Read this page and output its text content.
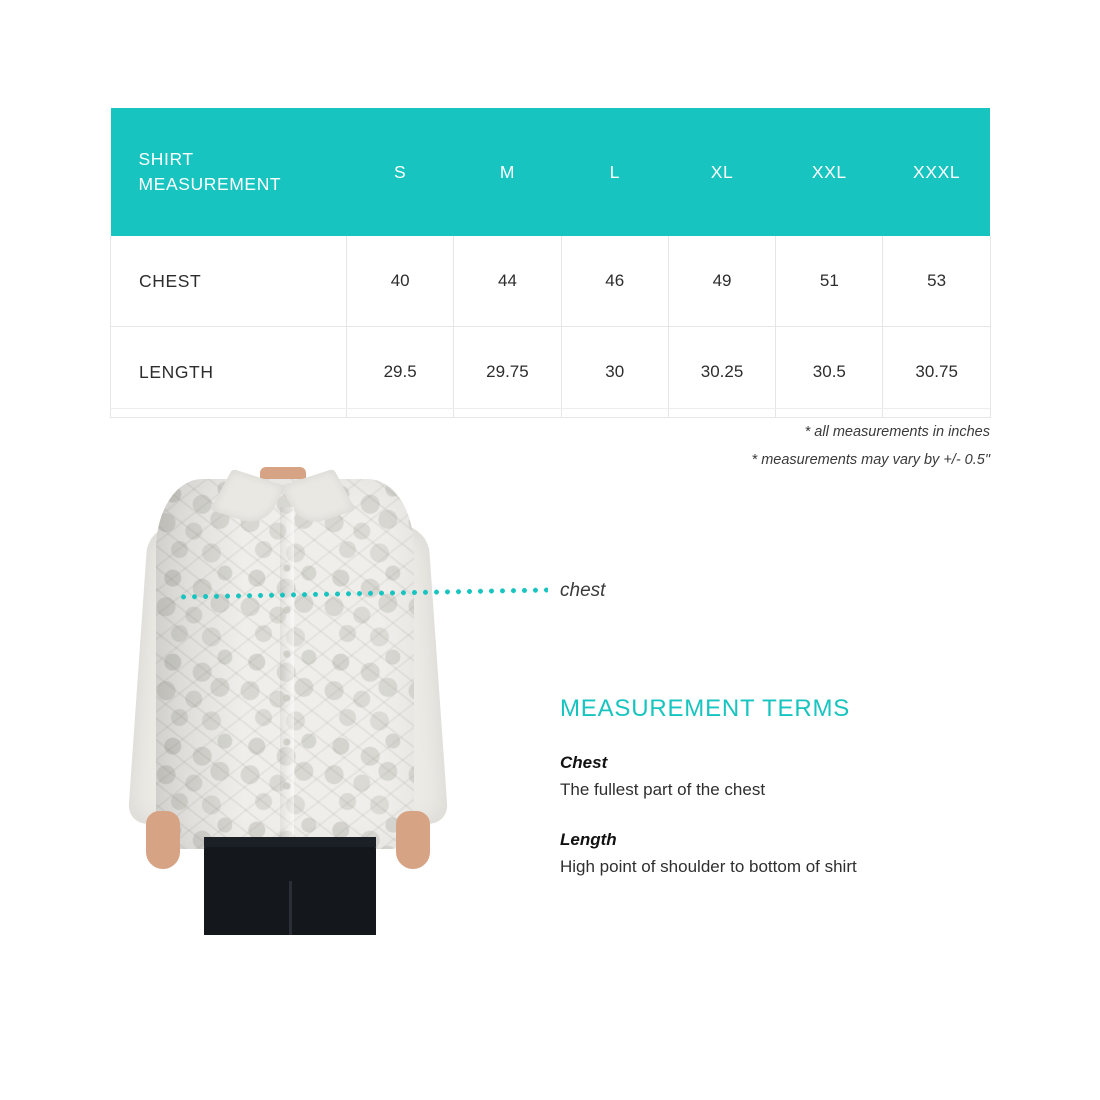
SHIRT
MEASUREMENT	S	M	L	XL	XXL	XXXL
CHEST	40	44	46	49	51	53
LENGTH	29.5	29.75	30	30.25	30.5	30.75
* all measurements in inches
* measurements may vary by +/- 0.5"
chest
MEASUREMENT TERMS

Chest

The fullest part of the chest

Length

High point of shoulder to bottom of shirt
